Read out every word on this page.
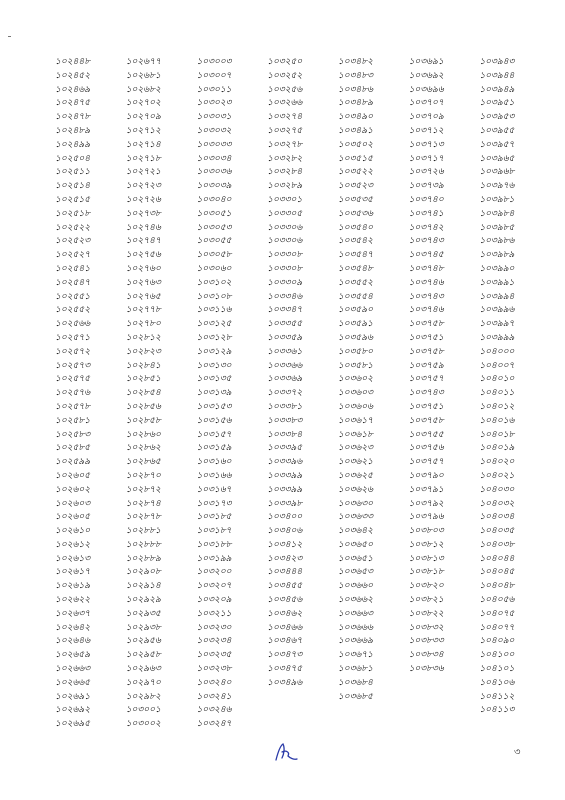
১০২৪৪৮
১০২৪৫২
১০২৪৬৯
১০২৪৭৫
১০২৪৭৮
১০২৪৮৯
১০২৪৯৯
১০২৫০৪
১০২৫১১
১০২৫১৪
১০২৫১৫
১০২৫১৮
১০২৫২২
১০২৫২৩
১০২৫২৭
১০২৫৪১
১০২৫৪৭
১০২৫৫১
১০২৫৫২
১০২৫৬৬
১০২৫৭১
১০২৫৭২
১০২৫৭৩
১০২৫৭৫
১০২৫৭৬
১০২৫৭৮
১০২৫৮১
১০২৫৮৩
১০২৫৮৫
১০২৫৯৯
১০২৬০৫
১০২৬০২
১০২৬০৩
১০২৬০৫
১০২৬১০
১০২৬১২
১০২৬১৩
১০২৬১৭
১০২৬১৯
১০২৬২২
১০২৬৩৭
১০২৬৪২
১০২৬৪৬
১০২৬৫৯
১০২৬৬৩
১০২৬৬৫
১০২৬৯১
১০২৬৯২
১০২৬৯৫
১০২৬৭৭
১০২৬৮১
১০২৬৮২
১০২৭০২
১০২৭০৯
১০২৭১২
১০২৭১৪
১০২৭১৮
১০২৭২১
১০২৭২৩
১০২৭২৬
১০২৭৩৮
১০২৭৪৬
১০২৭৪৭
১০২৭৫৬
১০২৭৬০
১০২৭৬৩
১০২৭৬৫
১০২৭৭৮
১০২৭৮০
১০২৮১২
১০২৮২৩
১০২৮৪১
১০২৮৫১
১০২৮৫৪
১০২৮৫৬
১০২৮৫৮
১০২৮৬০
১০২৮৬২
১০২৮৬৫
১০২৮৭০
১০২৮৭২
১০২৮৭৪
১০২৮৭৮
১০২৮৮১
১০২৮৮৮
১০২৮৮৯
১০২৯০৮
১০২৯১৪
১০২৯২৯
১০২৯৩৫
১০২৯৩৮
১০২৯৫৬
১০২৯৫৮
১০২৯৬৩
১০২৯৭০
১০২৯৮২
১০৩০০১
১০৩০০২
১০৩০০৩
১০৩০০৭
১০৩০১১
১০৩০২৩
১০৩০৩১
১০৩০৩২
১০৩০৩৩
১০৩০৩৪
১০৩০৩৬
১০৩০৩৯
১০৩০৪০
১০৩০৫১
১০৩০৫৩
১০৩০৫৫
১০৩০৫৮
১০৩০৬০
১০৩১০২
১০৩১০৮
১০৩১১৬
১০৩১২৫
১০৩১২৮
১০৩১২৯
১০৩১৩০
১০৩১৩৫
১০৩১৩৯
১০৩১৫৩
১০৩১৫৬
১০৩১৫৭
১০৩১৫৯
১০৩১৬০
১০৩১৬৬
১০৩১৬৭
১০৩১৭৩
১০৩১৮৫
১০৩১৮৭
১০৩১৮৮
১০৩১৯৯
১০৩২০০
১০৩২০৭
১০৩২০৯
১০৩২১১
১০৩২৩০
১০৩২৩৪
১০৩২৩৫
১০৩২৩৮
১০৩২৪০
১০৩২৪১
১০৩২৪৬
১০৩২৪৭
১০৩২৫০
১০৩২৫২
১০৩২৫৬
১০৩২৬৬
১০৩২৭৪
১০৩২৭৫
১০৩২৭৮
১০৩২৮২
১০৩২৮৪
১০৩২৮৯
১০৩৩০১
১০৩৩০৫
১০৩৩০৬
১০৩৩০৬
১০৩৩০৮
১০৩৩০৮
১০৩৩০৯
১০৩৩৪৬
১০৩৩৪৭
১০৩৩৫৫
১০৩৩৫৯
১০৩৩৬১
১০৩৩৬৬
১০৩৩৬৯
১০৩৩৭২
১০৩৩৮১
১০৩৩৮৩
১০৩৩৮৪
১০৩৩৯৫
১০৩৩৯৬
১০৩৩৯৯
১০৩৩৯৯
১০৩৩৯৮
১০৩৪০০
১০৩৪০৬
১০৩৪১২
১০৩৪২৩
১০৩৪৪৪
১০৩৪৫৫
১০৩৪৫৬
১০৩৪৬২
১০৩৪৬৬
১০৩৪৬৭
১০৩৪৭৩
১০৩৪৭৫
১০৩৪৯৬
১০৩৪৮২
১০৩৪৮৩
১০৩৪৮৬
১০৩৪৮৯
১০৩৪৯০
১০৩৪৯১
১০৩৫০২
১০৩৫১৫
১০৩৫২২
১০৩৫২৩
১০৩৫৩৫
১০৩৫৩৬
১০৩৫৪০
১০৩৫৪২
১০৩৫৪৭
১০৩৫৪৮
১০৩৫৫২
১০৩৫৫৪
১০৩৫৯০
১০৩৫৯১
১০৩৫৯৬
১০৩৫৮০
১০৩৫৮১
১০৩৬০২
১০৩৬০৩
১০৩৬০৬
১০৩৬১৭
১০৩৬১৮
১০৩৬২৩
১০৩৬২১
১০৩৬২৫
১০৩৬২৬
১০৩৬৩০
১০৩৬৩৩
১০৩৬৪২
১০৩৬৫০
১০৩৬৫১
১০৩৬৫৩
১০৩৬৬০
১০৩৬৬২
১০৩৬৬৩
১০৩৬৬৬
১০৩৬৬৯
১০৩৬৭১
১০৩৬৮১
১০৩৬৮৪
১০৩৬৮৫
১০৩৬৯১
১০৩৬৯২
১০৩৬৯৬
১০৩৭০৭
১০৩৭০৯
১০৩৭১২
১০৩৭১৩
১০৩৭১৭
১০৩৭২৬
১০৩৭৩৯
১০৩৭৪০
১০৩৭৪১
১০৩৭৪২
১০৩৭৪৩
১০৩৭৪৫
১০৩৭৪৮
১০৩৭৪৬
১০৩৭৪৩
১০৩৭৪৬
১০৩৭৫৮
১০৩৭৫১
১০৩৭৫৮
১০৩৭৫৯
১০৩৭৫৭
১০৩৭৪৩
১০৩৭৫১
১০৩৭৫৮
১০৩৭৫৫
১০৩৭৫৬
১০৩৭৫৭
১০৩৭৯০
১০৩৭৯১
১০৩৭৯২
১০৩৭৯৬
১০৩৮০৩
১০৩৮১২
১০৩৮১৩
১০৩৮১৮
১০৩৮২০
১০৩৮২১
১০৩৮২২
১০৩৮৩২
১০৩৮৩৩
১০৩৮৩৪
১০৩৮৩৬
১০৩৯৪৩
১০৩৯৪৪
১০৩৯৪৯
১০৩৯৫১
১০৩৯৫৩
১০৩৯৫৫
১০৩৯৫৭
১০৩৯৬৫
১০৩৯৬৮
১০৩৯৭৬
১০৩৯৮১
১০৩৯৮৪
১০৩৯৮৫
১০৩৯৮৬
১০৩৯৮৯
১০৩৯৯০
১০৩৯৯১
১০৩৯৯৪
১০৩৯৯৬
১০৩৯৯৭
১০৩৯৯৯
১০৪০০০
১০৪০০৭
১০৪০১০
১০৪০১১
১০৪০১২
১০৪০১৬
১০৪০১৮
১০৪০১৯
১০৪০২০
১০৪০২১
১০৪০৩০
১০৪০৩২
১০৪০৩৪
১০৪০৩৫
১০৪০৩৮
১০৪০৪৪
১০৪০৪৫
১০৪০৪৮
১০৪০৫৬
১০৪০৭৫
১০৪০৭৭
১০৪০৯০
১০৪১০০
১০৪১০১
১০৪১০৬
১০৪১১২
১০৪১১৩
৩
